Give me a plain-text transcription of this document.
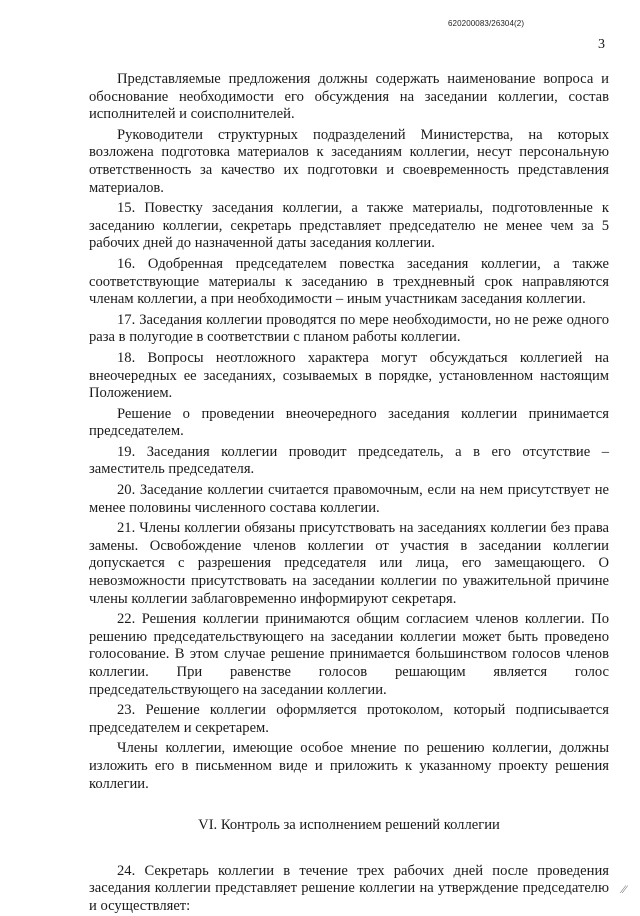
620200083/26304(2)
3

Представляемые предложения должны содержать наименование вопроса и обоснование необходимости его обсуждения на заседании коллегии, состав исполнителей и соисполнителей.

Руководители структурных подразделений Министерства, на которых возложена подготовка материалов к заседаниям коллегии, несут персональную ответственность за качество их подготовки и своевременность представления материалов.

15. Повестку заседания коллегии, а также материалы, подготовленные к заседанию коллегии, секретарь представляет председателю не менее чем за 5 рабочих дней до назначенной даты заседания коллегии.

16. Одобренная председателем повестка заседания коллегии, а также соответствующие материалы к заседанию в трехдневный срок направляются членам коллегии, а при необходимости – иным участникам заседания коллегии.

17. Заседания коллегии проводятся по мере необходимости, но не реже одного раза в полугодие в соответствии с планом работы коллегии.

18. Вопросы неотложного характера могут обсуждаться коллегией на внеочередных ее заседаниях, созываемых в порядке, установленном настоящим Положением.

Решение о проведении внеочередного заседания коллегии принимается председателем.

19. Заседания коллегии проводит председатель, а в его отсутствие – заместитель председателя.

20. Заседание коллегии считается правомочным, если на нем присутствует не менее половины численного состава коллегии.

21. Члены коллегии обязаны присутствовать на заседаниях коллегии без права замены. Освобождение членов коллегии от участия в заседании коллегии допускается с разрешения председателя или лица, его замещающего. О невозможности присутствовать на заседании коллегии по уважительной причине члены коллегии заблаговременно информируют секретаря.

22. Решения коллегии принимаются общим согласием членов коллегии. По решению председательствующего на заседании коллегии может быть проведено голосование. В этом случае решение принимается большинством голосов членов коллегии. При равенстве голосов решающим является голос председательствующего на заседании коллегии.

23. Решение коллегии оформляется протоколом, который подписывается председателем и секретарем.

Члены коллегии, имеющие особое мнение по решению коллегии, должны изложить его в письменном виде и приложить к указанному проекту решения коллегии.

VI. Контроль за исполнением решений коллегии

24. Секретарь коллегии в течение трех рабочих дней после проведения заседания коллегии представляет решение коллегии на утверждение председателю и осуществляет:

⁄⁄
